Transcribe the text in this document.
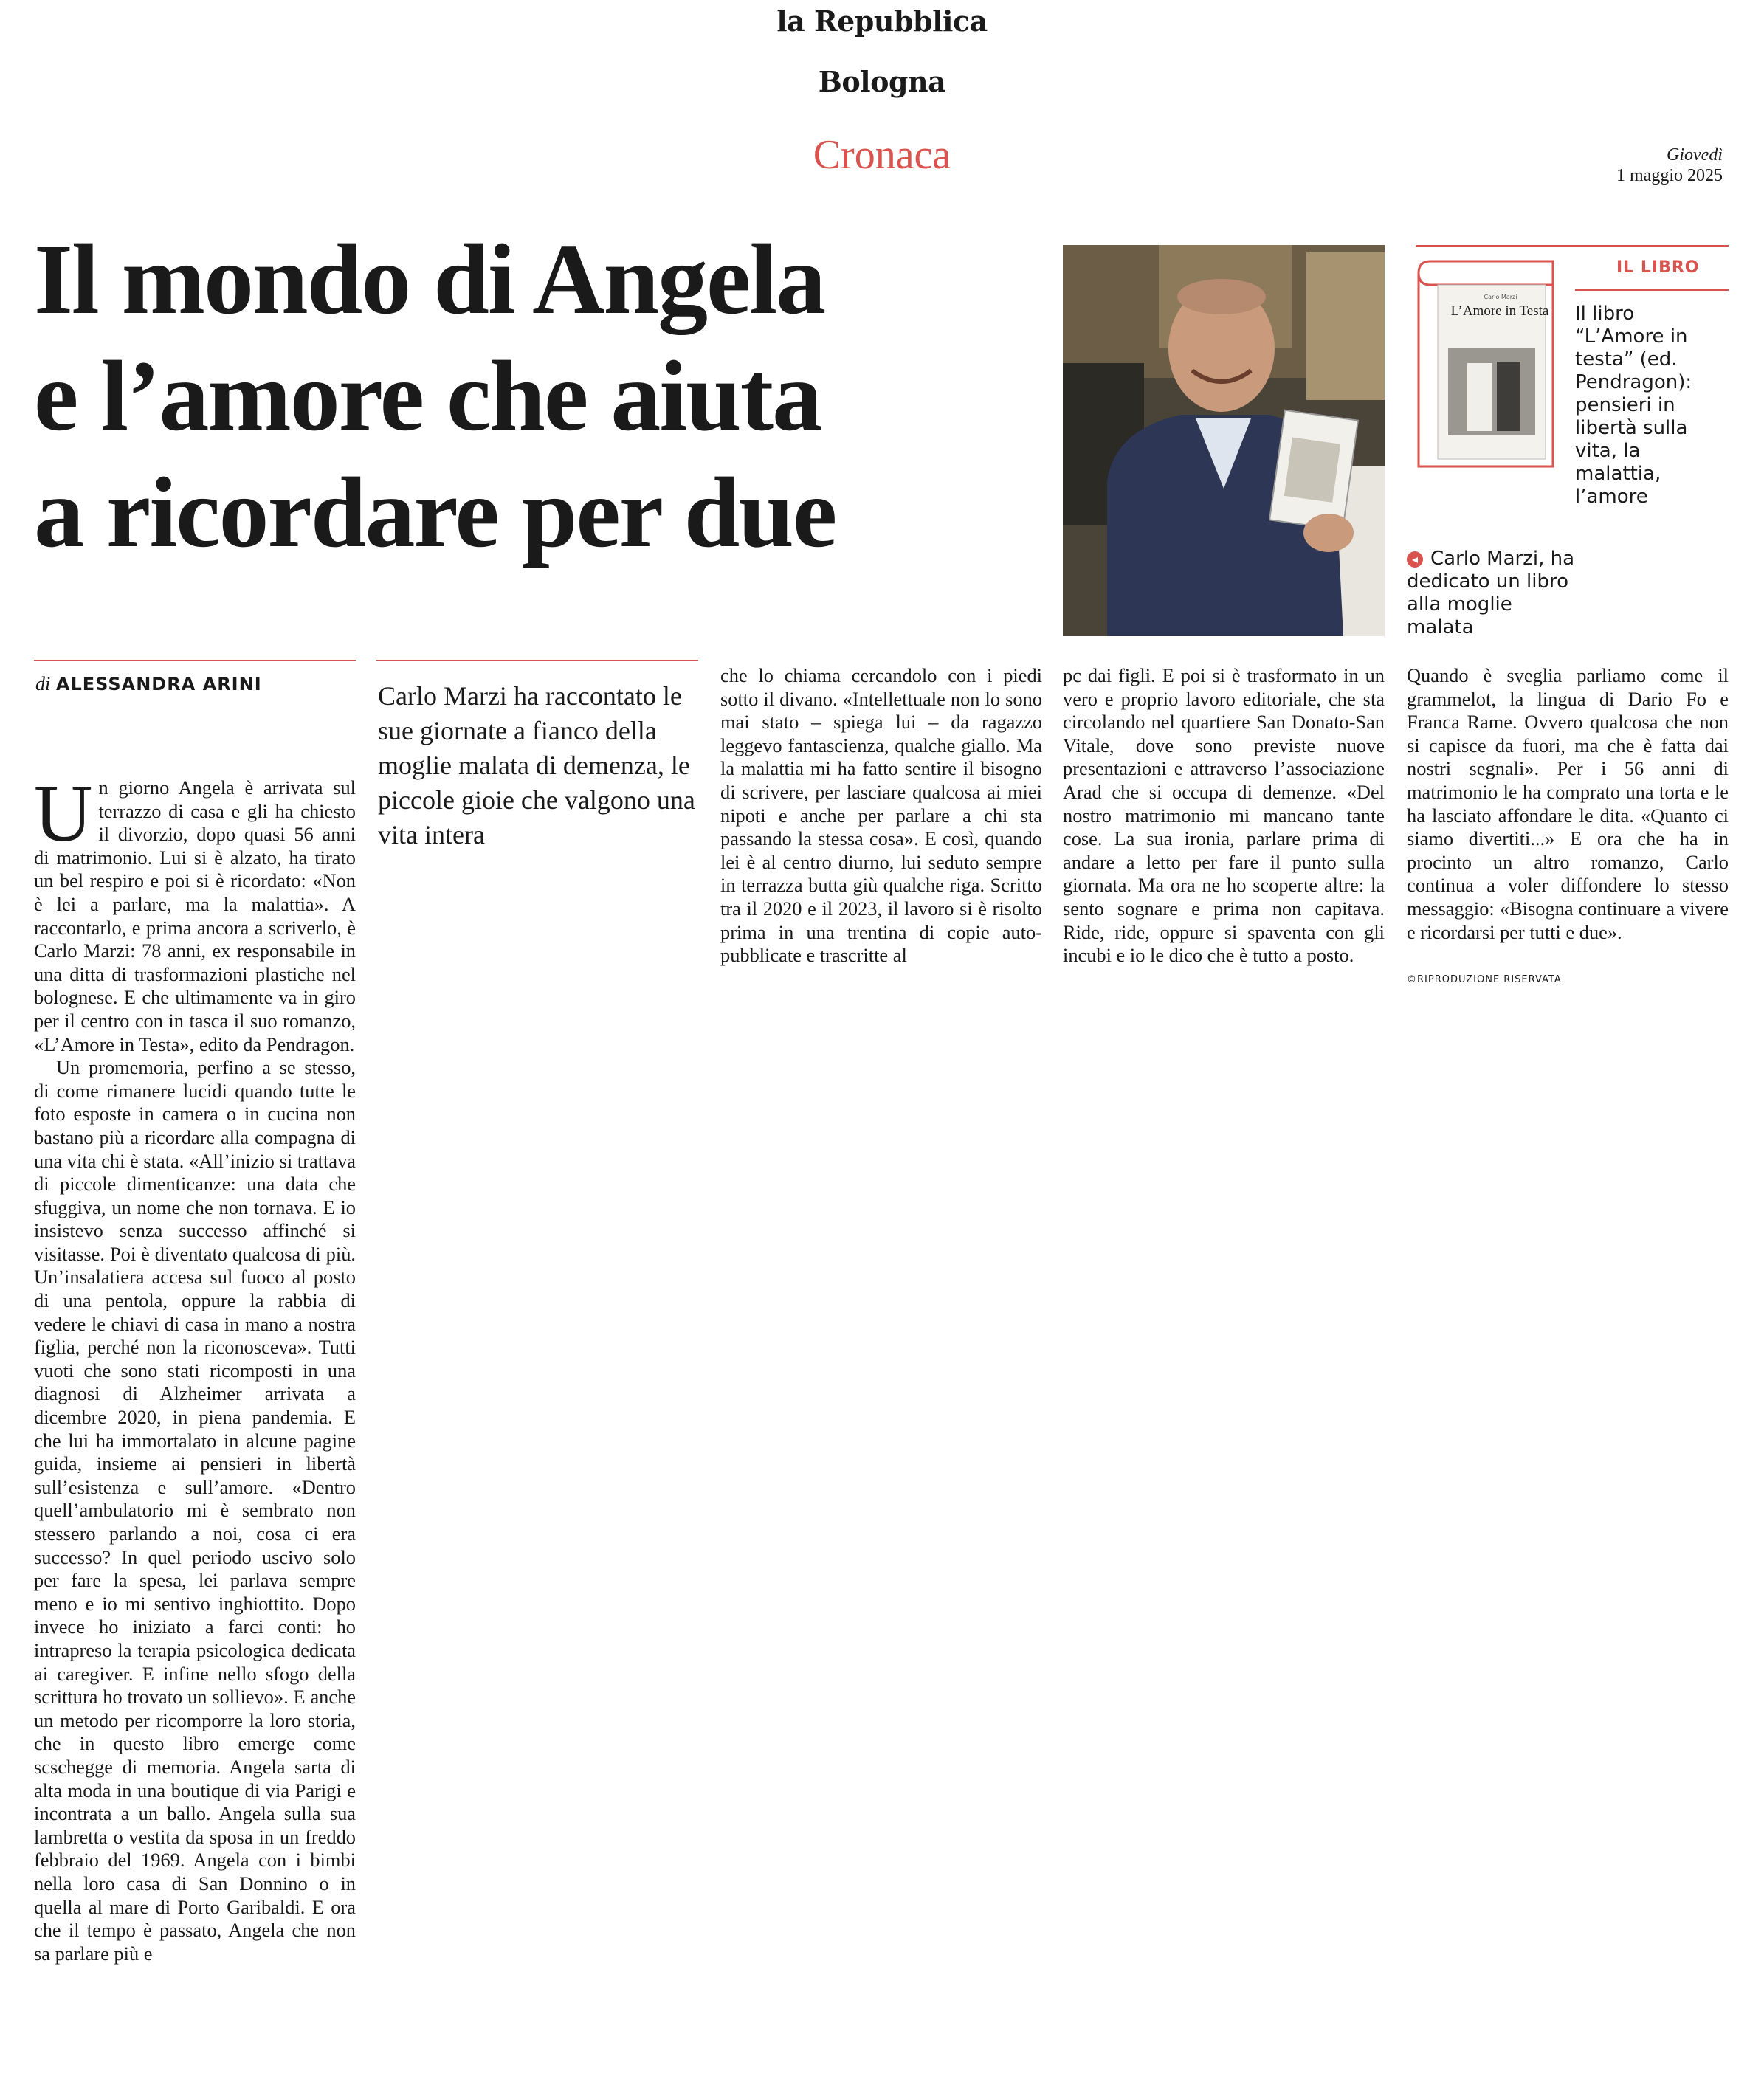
la Repubblica
Bologna
Cronaca	Giovedì
1 maggio 2025
Il mondo di Angela
e l’amore che aiuta
a ricordare per due
Carlo Marzi
L’Amore in Testa
IL LIBRO
Il libro “L’Amore in testa” (ed. Pendragon): pensieri in libertà sulla vita, la malattia, l’amore
◂ Carlo Marzi, ha dedicato un libro alla moglie malata
di ALESSANDRA ARINI	Carlo Marzi ha raccontato le sue giornate a fianco della moglie malata di demenza, le piccole gioie che valgono una vita intera
U n giorno Angela è arrivata sul terrazzo di casa e gli ha chiesto il divorzio, dopo quasi 56 anni di matrimonio. Lui si è alzato, ha tirato un bel respiro e poi si è ricordato: «Non è lei a parlare, ma la malattia». A raccontarlo, e prima ancora a scriverlo, è Carlo Marzi: 78 anni, ex responsabile in una ditta di trasformazioni plastiche nel bolognese. E che ultimamente va in giro per il centro con in tasca il suo romanzo, «L’Amore in Testa», edito da Pendragon.

Un promemoria, perfino a se stesso, di come rimanere lucidi quando tutte le foto esposte in camera o in cucina non bastano più a ricordare alla compagna di una vita chi è stata. «All’inizio si trattava di piccole dimenticanze: una data che sfuggiva, un nome che non tornava. E io insistevo senza successo affinché si visitasse. Poi è diventato qualcosa di più. Un’insalatiera accesa sul fuoco al posto di una pentola, oppure la rabbia di vedere le chiavi di casa in mano a nostra figlia, perché non la riconosceva». Tutti vuoti che sono stati ricomposti in una diagnosi di Alzheimer arrivata a dicembre 2020, in piena pandemia. E che lui ha immortalato in alcune pagine guida, insieme ai pensieri in libertà sull’esistenza e sull’amore. «Dentro quell’ambulatorio mi è sembrato non stessero parlando a noi, cosa ci era successo? In quel periodo uscivo solo per fare la spesa, lei parlava sempre meno e io mi sentivo inghiottito. Dopo invece ho iniziato a farci conti: ho intrapreso la terapia psicologica dedicata ai caregiver. E infine nello sfogo della scrittura ho trovato un sollievo». E anche un metodo per ricomporre la loro storia, che in questo libro emerge come scschegge di memoria. Angela sarta di alta moda in una boutique di via Parigi e incontrata a un ballo. Angela sulla sua lambretta o vestita da sposa in un freddo febbraio del 1969. Angela con i bimbi nella loro casa di San Donnino o in quella al mare di Porto Garibaldi. E ora che il tempo è passato, Angela che non sa parlare più e

che lo chiama cercandolo con i piedi sotto il divano. «Intellettuale non lo sono mai stato – spiega lui – da ragazzo leggevo fantascienza, qualche giallo. Ma la malattia mi ha fatto sentire il bisogno di scrivere, per lasciare qualcosa ai miei nipoti e anche per parlare a chi sta passando la stessa cosa». E così, quando lei è al centro diurno, lui seduto sempre in terrazza butta giù qualche riga. Scritto tra il 2020 e il 2023, il lavoro si è risolto prima in una trentina di copie auto-pubblicate e trascritte al

pc dai figli. E poi si è trasformato in un vero e proprio lavoro editoriale, che sta circolando nel quartiere San Donato-San Vitale, dove sono previste nuove presentazioni e attraverso l’associazione Arad che si occupa di demenze. «Del nostro matrimonio mi mancano tante cose. La sua ironia, parlare prima di andare a letto per fare il punto sulla giornata. Ma ora ne ho scoperte altre: la sento sognare e prima non capitava. Ride, ride, oppure si spaventa con gli incubi e io le dico che è tutto a posto.

Quando è sveglia parliamo come il grammelot, la lingua di Dario Fo e Franca Rame. Ovvero qualcosa che non si capisce da fuori, ma che è fatta dai nostri segnali». Per i 56 anni di matrimonio le ha comprato una torta e le ha lasciato affondare le dita. «Quanto ci siamo divertiti...» E ora che ha in procinto un altro romanzo, Carlo continua a voler diffondere lo stesso messaggio: «Bisogna continuare a vivere e ricordarsi per tutti e due».

©RIPRODUZIONE RISERVATA
